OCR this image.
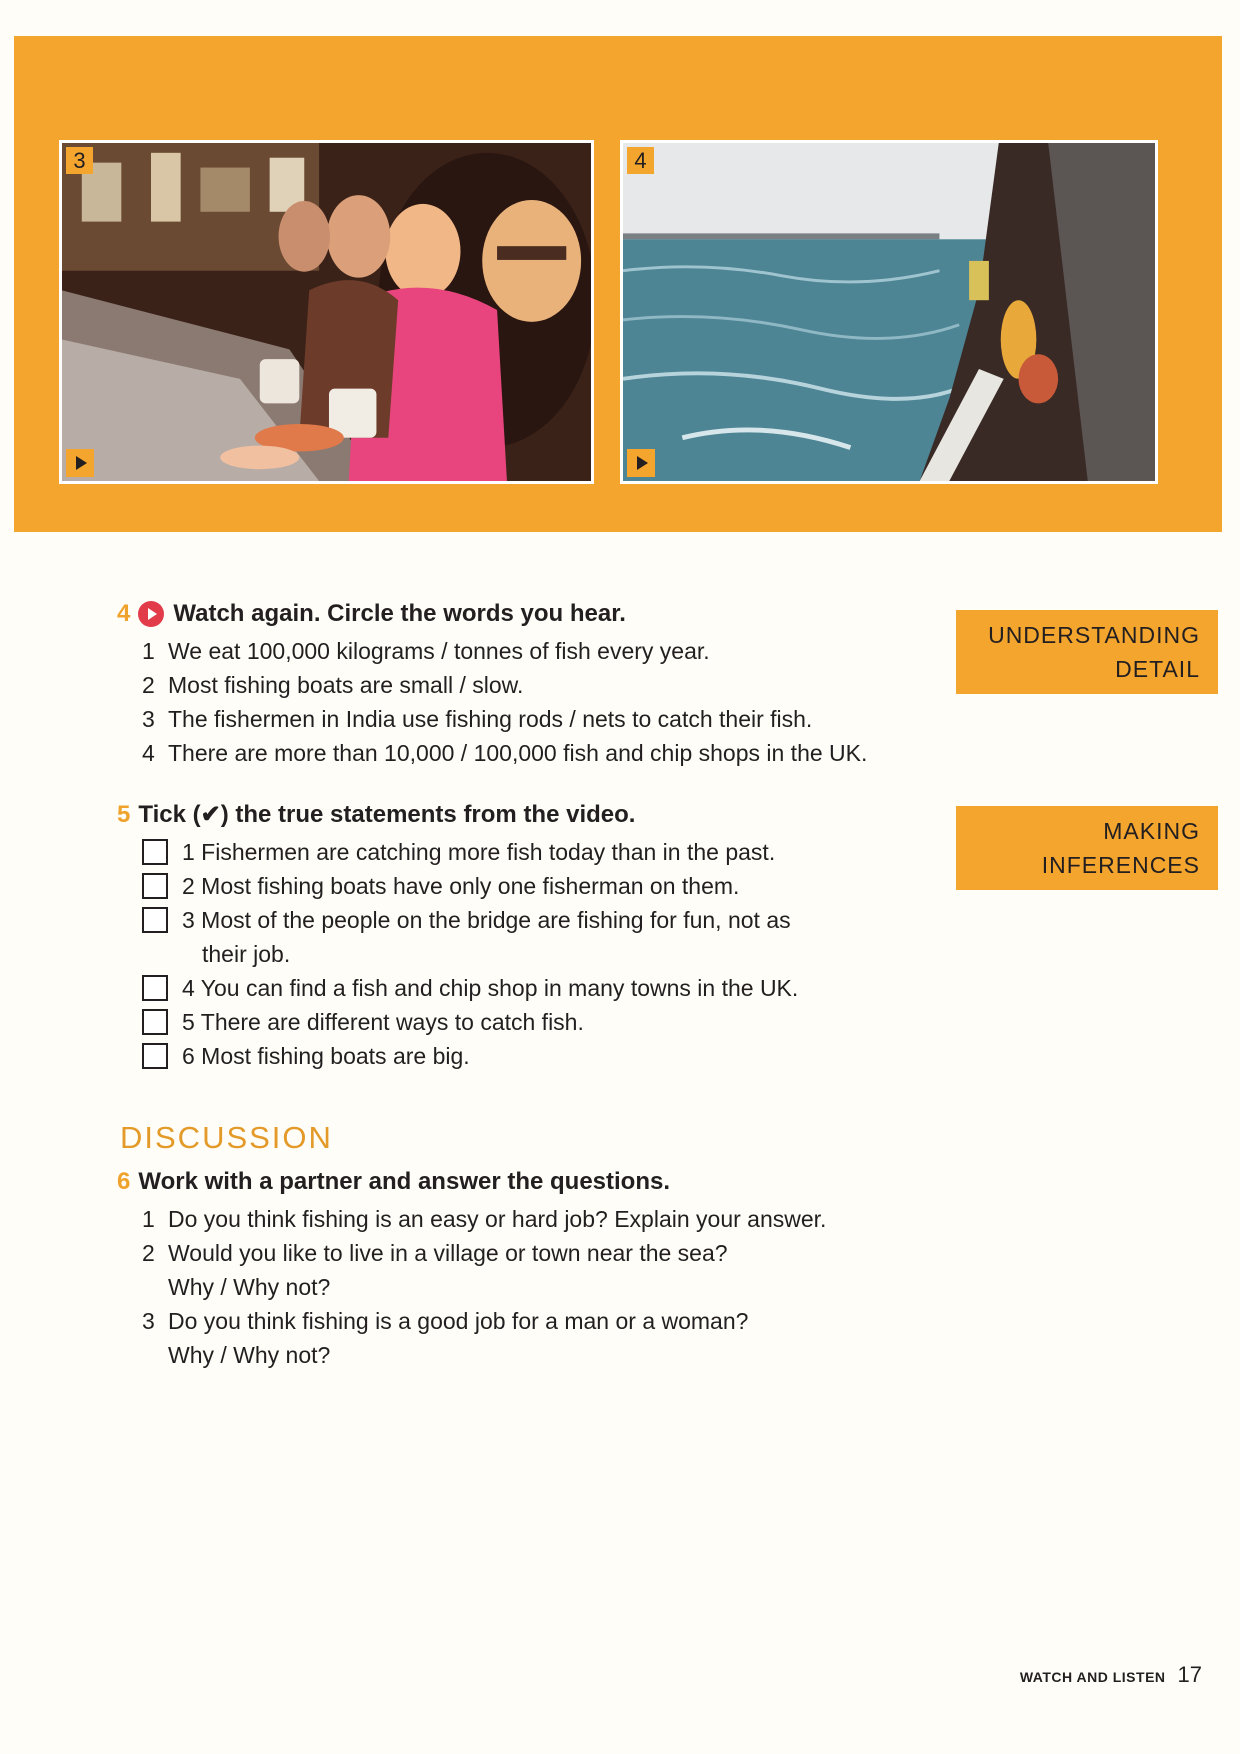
3	4
UNDERSTANDING DETAIL
MAKING INFERENCES
4 Watch again. Circle the words you hear.
1 We eat 100,000 kilograms / tonnes of fish every year.
2 Most fishing boats are small / slow.
3 The fishermen in India use fishing rods / nets to catch their fish.
4 There are more than 10,000 / 100,000 fish and chip shops in the UK.
5 Tick (✔) the true statements from the video.
1 Fishermen are catching more fish today than in the past.
2 Most fishing boats have only one fisherman on them.
3 Most of the people on the bridge are fishing for fun, not as
their job.
4 You can find a fish and chip shop in many towns in the UK.
5 There are different ways to catch fish.
6 Most fishing boats are big.
DISCUSSION
6 Work with a partner and answer the questions.
1 Do you think fishing is an easy or hard job? Explain your answer.
2 Would you like to live in a village or town near the sea?
Why / Why not?
3 Do you think fishing is a good job for a man or a woman?
Why / Why not?
WATCH AND LISTEN 17
